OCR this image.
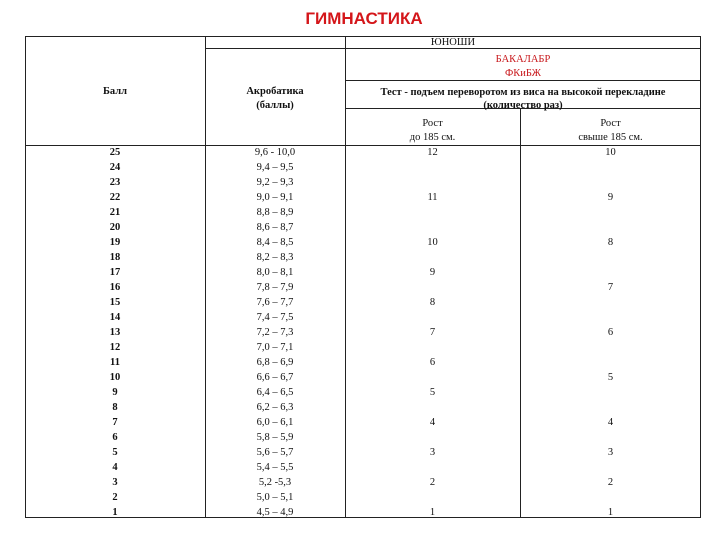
ГИМНАСТИКА
ЮНОШИ
БАКАЛАБР
ФКиБЖ
Балл	Акробатика
(баллы)
Тест - подъем переворотом из виса на высокой перекладине
(количество раз)
Рост
до 185 см.
Рост
свыше 185 см.
25
24
23
22
21
20
19
18
17
16
15
14
13
12
11
10
9
8
7
6
5
4
3
2
1
9,6 - 10,0
9,4 – 9,5
9,2 – 9,3
9,0 – 9,1
8,8 – 8,9
8,6 – 8,7
8,4 – 8,5
8,2 – 8,3
8,0 – 8,1
7,8 – 7,9
7,6 – 7,7
7,4 – 7,5
7,2 – 7,3
7,0 – 7,1
6,8 – 6,9
6,6 – 6,7
6,4 – 6,5
6,2 – 6,3
6,0 – 6,1
5,8 – 5,9
5,6 – 5,7
5,4 – 5,5
5,2 -5,3
5,0 – 5,1
4,5 – 4,9
12
11
10
9
8
7
6
5
4
3
2
1
10
9
8
7
6
5
4
3
2
1
